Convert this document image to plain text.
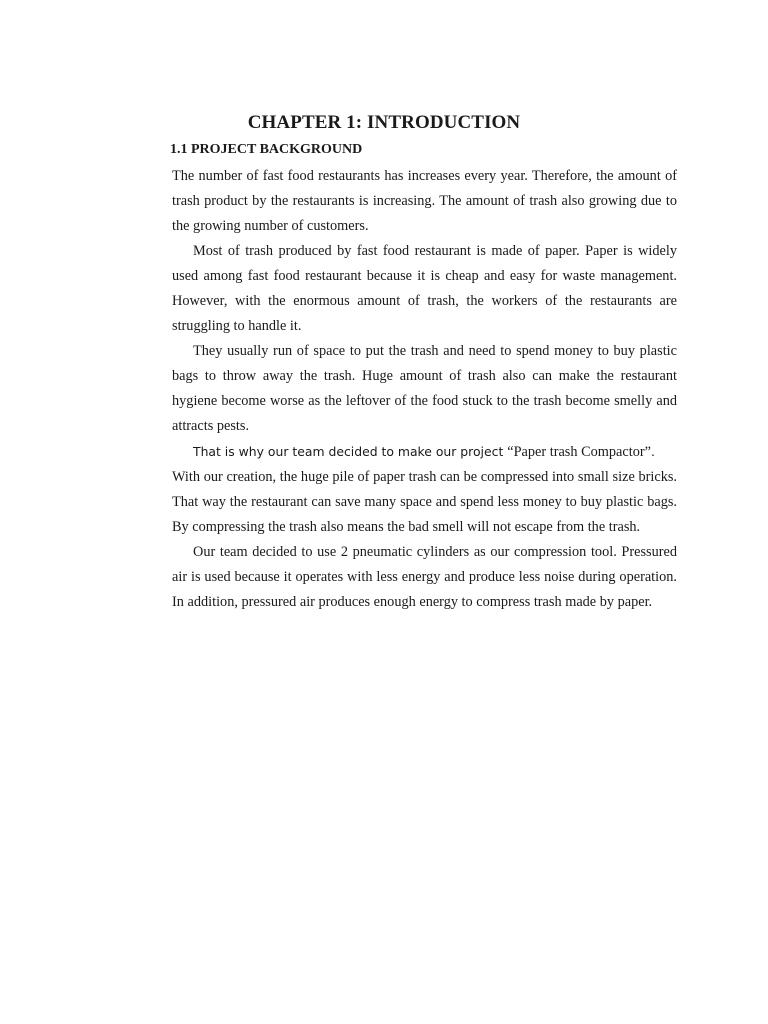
CHAPTER 1: INTRODUCTION
1.1 PROJECT BACKGROUND

The number of fast food restaurants has increases every year. Therefore, the amount of trash product by the restaurants is increasing. The amount of trash also growing due to the growing number of customers.

Most of trash produced by fast food restaurant is made of paper. Paper is widely used among fast food restaurant because it is cheap and easy for waste management. However, with the enormous amount of trash, the workers of the restaurants are struggling to handle it.

They usually run of space to put the trash and need to spend money to buy plastic bags to throw away the trash. Huge amount of trash also can make the restaurant hygiene become worse as the leftover of the food stuck to the trash become smelly and attracts pests.

That is why our team decided to make our project “Paper trash Compactor”.

With our creation, the huge pile of paper trash can be compressed into small size bricks. That way the restaurant can save many space and spend less money to buy plastic bags. By compressing the trash also means the bad smell will not escape from the trash.

Our team decided to use 2 pneumatic cylinders as our compression tool. Pressured air is used because it operates with less energy and produce less noise during operation. In addition, pressured air produces enough energy to compress trash made by paper.
